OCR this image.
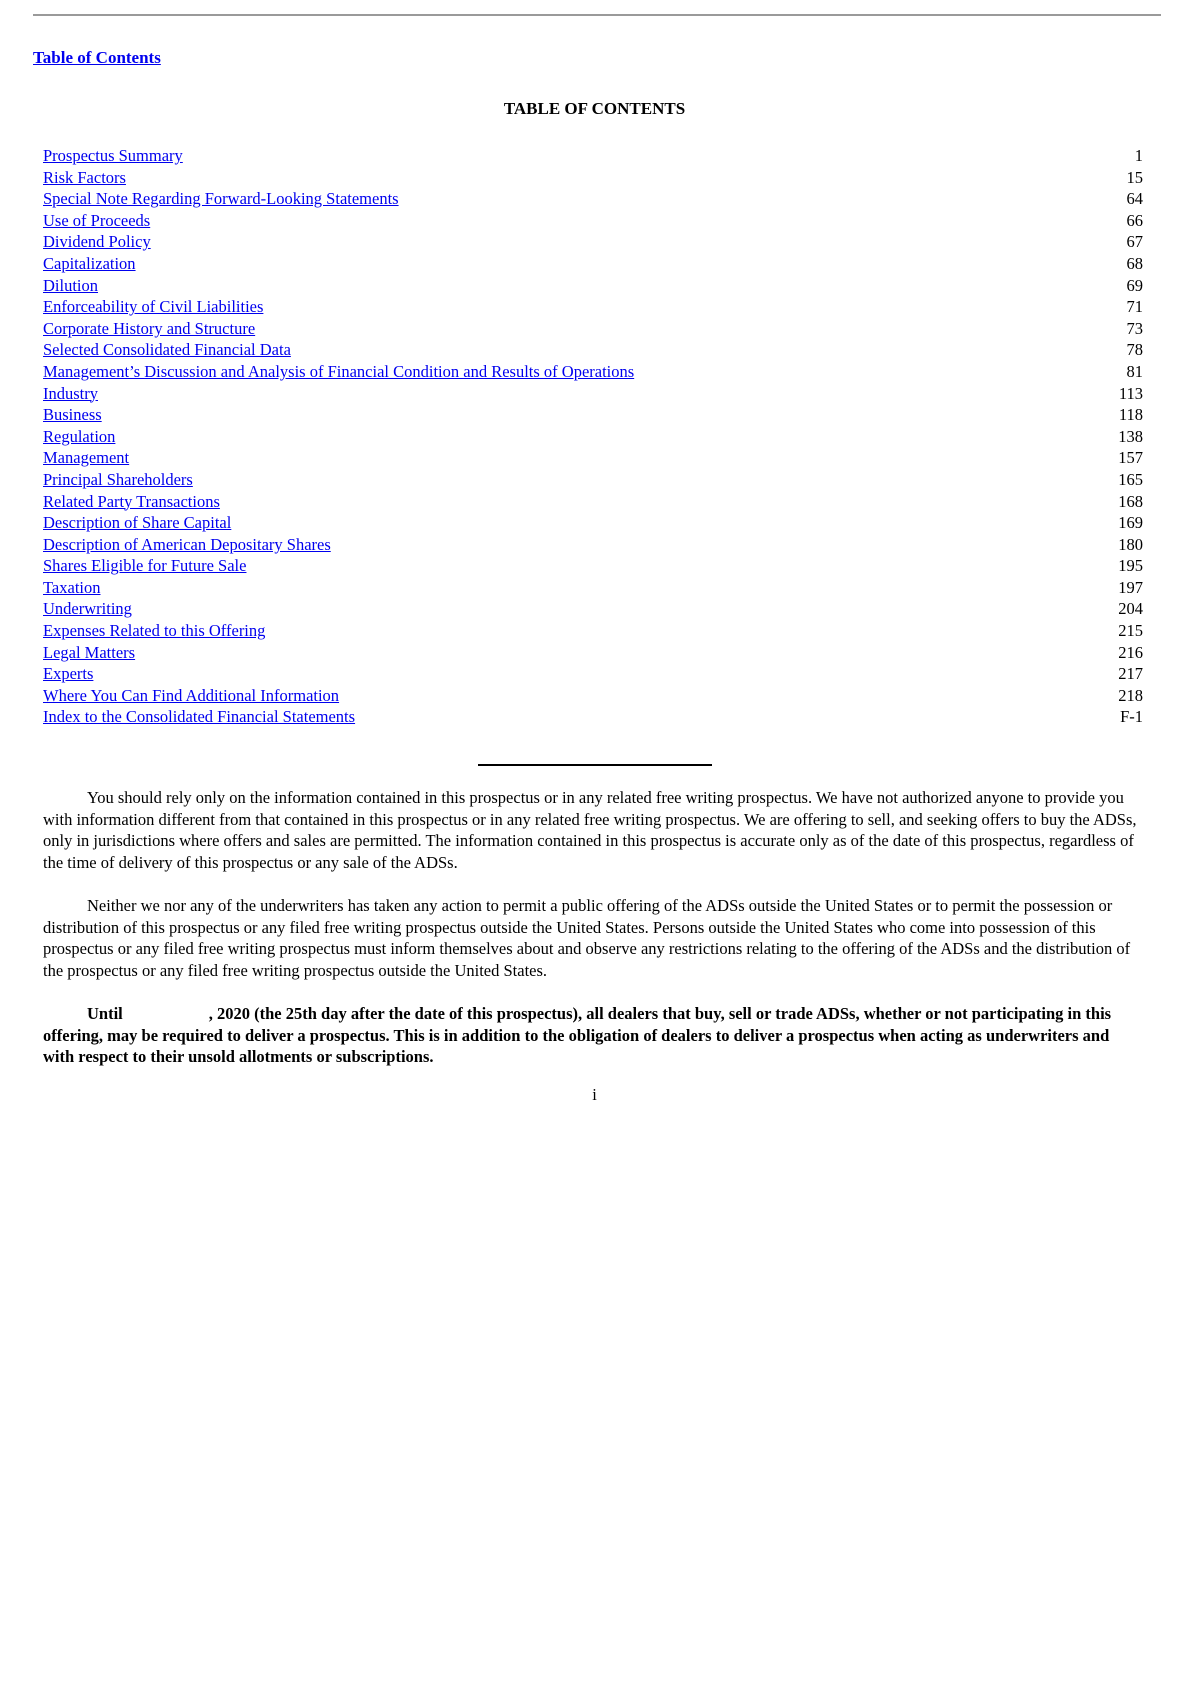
Table of Contents
TABLE OF CONTENTS
Prospectus Summary	1
Risk Factors	15
Special Note Regarding Forward-Looking Statements	64
Use of Proceeds	66
Dividend Policy	67
Capitalization	68
Dilution	69
Enforceability of Civil Liabilities	71
Corporate History and Structure	73
Selected Consolidated Financial Data	78
Management’s Discussion and Analysis of Financial Condition and Results of Operations	81
Industry	113
Business	118
Regulation	138
Management	157
Principal Shareholders	165
Related Party Transactions	168
Description of Share Capital	169
Description of American Depositary Shares	180
Shares Eligible for Future Sale	195
Taxation	197
Underwriting	204
Expenses Related to this Offering	215
Legal Matters	216
Experts	217
Where You Can Find Additional Information	218
Index to the Consolidated Financial Statements	F-1

You should rely only on the information contained in this prospectus or in any related free writing prospectus. We have not authorized anyone to provide you with information different from that contained in this prospectus or in any related free writing prospectus. We are offering to sell, and seeking offers to buy the ADSs, only in jurisdictions where offers and sales are permitted. The information contained in this prospectus is accurate only as of the date of this prospectus, regardless of the time of delivery of this prospectus or any sale of the ADSs.

Neither we nor any of the underwriters has taken any action to permit a public offering of the ADSs outside the United States or to permit the possession or distribution of this prospectus or any filed free writing prospectus outside the United States. Persons outside the United States who come into possession of this prospectus or any filed free writing prospectus must inform themselves about and observe any restrictions relating to the offering of the ADSs and the distribution of the prospectus or any filed free writing prospectus outside the United States.

Until	, 2020 (the 25th day after the date of this prospectus), all dealers that buy, sell or trade ADSs, whether or not participating in this offering, may be required to deliver a prospectus. This is in addition to the obligation of dealers to deliver a prospectus when acting as underwriters and with respect to their unsold allotments or subscriptions.

i
